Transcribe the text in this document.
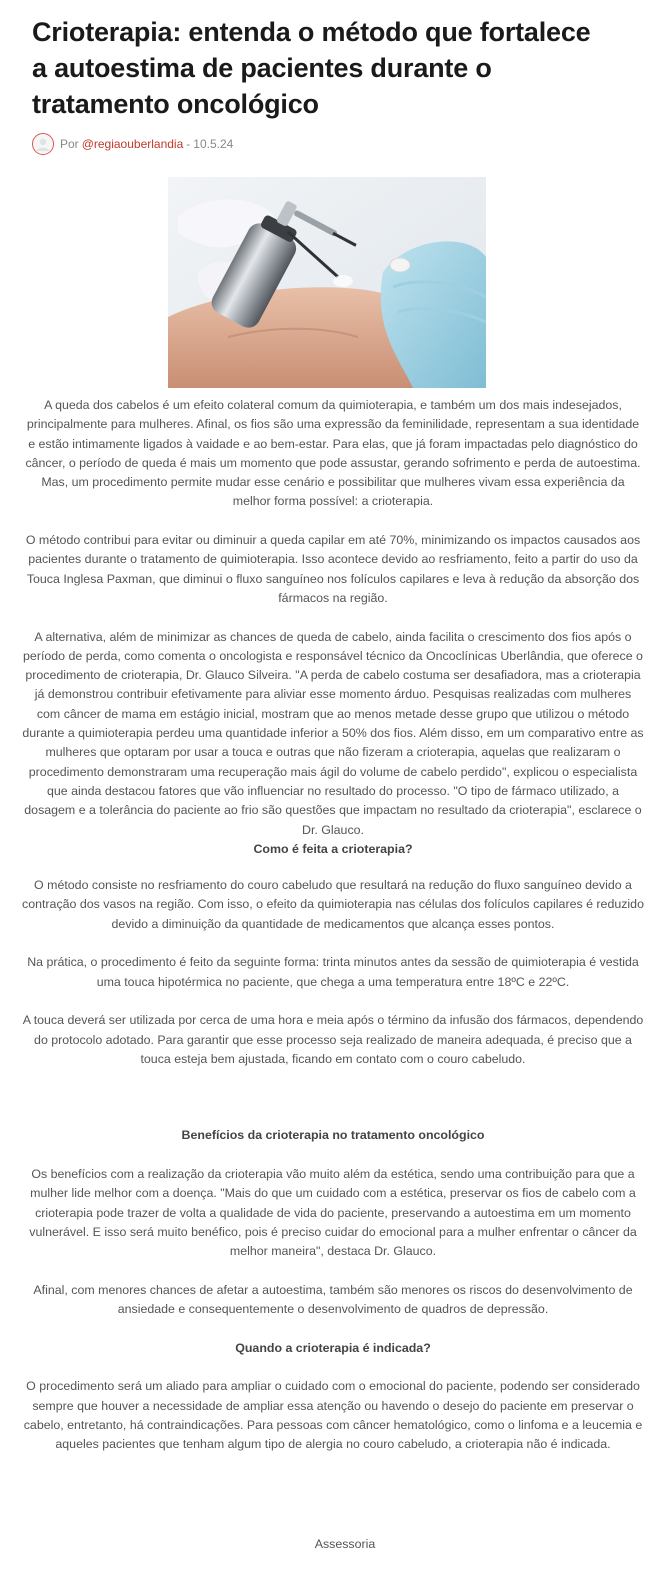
Crioterapia: entenda o método que fortalece a autoestima de pacientes durante o tratamento oncológico
Por @regiaouberlandia - 10.5.24

A queda dos cabelos é um efeito colateral comum da quimioterapia, e também um dos mais indesejados, principalmente para mulheres. Afinal, os fios são uma expressão da feminilidade, representam a sua identidade e estão intimamente ligados à vaidade e ao bem-estar. Para elas, que já foram impactadas pelo diagnóstico do câncer, o período de queda é mais um momento que pode assustar, gerando sofrimento e perda de autoestima. Mas, um procedimento permite mudar esse cenário e possibilitar que mulheres vivam essa experiência da melhor forma possível: a crioterapia.

O método contribui para evitar ou diminuir a queda capilar em até 70%, minimizando os impactos causados aos pacientes durante o tratamento de quimioterapia. Isso acontece devido ao resfriamento, feito a partir do uso da Touca Inglesa Paxman, que diminui o fluxo sanguíneo nos folículos capilares e leva à redução da absorção dos fármacos na região.

A alternativa, além de minimizar as chances de queda de cabelo, ainda facilita o crescimento dos fios após o período de perda, como comenta o oncologista e responsável técnico da Oncoclínicas Uberlândia, que oferece o procedimento de crioterapia, Dr. Glauco Silveira. "A perda de cabelo costuma ser desafiadora, mas a crioterapia já demonstrou contribuir efetivamente para aliviar esse momento árduo. Pesquisas realizadas com mulheres com câncer de mama em estágio inicial, mostram que ao menos metade desse grupo que utilizou o método durante a quimioterapia perdeu uma quantidade inferior a 50% dos fios. Além disso, em um comparativo entre as mulheres que optaram por usar a touca e outras que não fizeram a crioterapia, aquelas que realizaram o procedimento demonstraram uma recuperação mais ágil do volume de cabelo perdido", explicou o especialista que ainda destacou fatores que vão influenciar no resultado do processo. "O tipo de fármaco utilizado, a dosagem e a tolerância do paciente ao frio são questões que impactam no resultado da crioterapia", esclarece o Dr. Glauco.

Como é feita a crioterapia?

O método consiste no resfriamento do couro cabeludo que resultará na redução do fluxo sanguíneo devido a contração dos vasos na região. Com isso, o efeito da quimioterapia nas células dos folículos capilares é reduzido devido a diminuição da quantidade de medicamentos que alcança esses pontos.

Na prática, o procedimento é feito da seguinte forma: trinta minutos antes da sessão de quimioterapia é vestida uma touca hipotérmica no paciente, que chega a uma temperatura entre 18ºC e 22ºC.

A touca deverá ser utilizada por cerca de uma hora e meia após o término da infusão dos fármacos, dependendo do protocolo adotado. Para garantir que esse processo seja realizado de maneira adequada, é preciso que a touca esteja bem ajustada, ficando em contato com o couro cabeludo.

Benefícios da crioterapia no tratamento oncológico

Os benefícios com a realização da crioterapia vão muito além da estética, sendo uma contribuição para que a mulher lide melhor com a doença. "Mais do que um cuidado com a estética, preservar os fios de cabelo com a crioterapia pode trazer de volta a qualidade de vida do paciente, preservando a autoestima em um momento vulnerável. E isso será muito benéfico, pois é preciso cuidar do emocional para a mulher enfrentar o câncer da melhor maneira", destaca Dr. Glauco.

Afinal, com menores chances de afetar a autoestima, também são menores os riscos do desenvolvimento de ansiedade e consequentemente o desenvolvimento de quadros de depressão.

Quando a crioterapia é indicada?

O procedimento será um aliado para ampliar o cuidado com o emocional do paciente, podendo ser considerado sempre que houver a necessidade de ampliar essa atenção ou havendo o desejo do paciente em preservar o cabelo, entretanto, há contraindicações. Para pessoas com câncer hematológico, como o linfoma e a leucemia e aqueles pacientes que tenham algum tipo de alergia no couro cabeludo, a crioterapia não é indicada.

Assessoria
